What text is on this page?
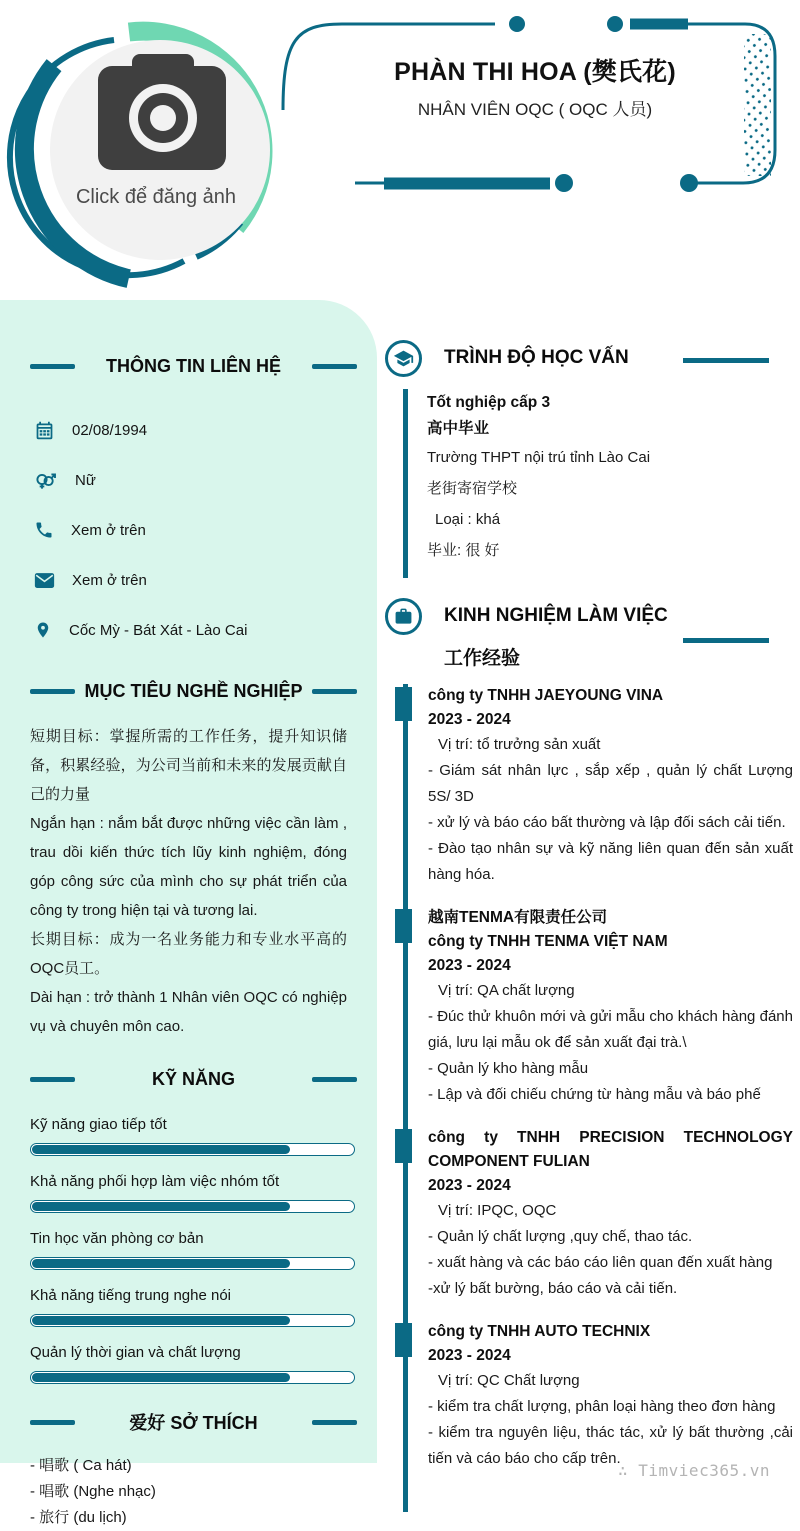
Click để đăng ảnh
PHÀN THI HOA (樊氏花)
NHÂN VIÊN OQC ( OQC 人员)
THÔNG TIN LIÊN HỆ
02/08/1994
Nữ
Xem ở trên
Xem ở trên
Cốc Mỳ - Bát Xát - Lào Cai
MỤC TIÊU NGHỀ NGHIỆP
短期目标：掌握所需的工作任务，提升知识储备，积累经验，为公司当前和未来的发展贡献自己的力量
Ngắn hạn : nắm bắt được những việc cần làm , trau dồi kiến thức tích lũy kinh nghiệm, đóng góp công sức của mình cho sự phát triển của công ty trong hiện tại và tương lai.
长期目标：成为一名业务能力和专业水平高的OQC员工。
Dài hạn : trở thành 1 Nhân viên OQC có nghiệp vụ và chuyên môn cao.
KỸ NĂNG
Kỹ năng giao tiếp tốt
Khả năng phối hợp làm việc nhóm tốt
Tin học văn phòng cơ bản
Khả năng tiếng trung nghe nói
Quản lý thời gian và chất lượng
爱好 SỞ THÍCH
- 唱歌 ( Ca hát)
- 唱歌 (Nghe nhạc)
- 旅行 (du lịch)
TRÌNH ĐỘ HỌC VẤN
Tốt nghiệp cấp 3
高中毕业
Trường THPT nội trú tỉnh Lào Cai
老街寄宿学校
Loại : khá
毕业: 很 好
KINH NGHIỆM LÀM VIỆC
工作经验
công ty TNHH JAEYOUNG VINA
2023 - 2024
Vị trí: tổ trưởng sản xuất
- Giám sát nhân lực , sắp xếp , quản lý chất Lượng 5S/ 3D
- xử lý và báo cáo bất thường và lập đối sách cải tiến.
- Đào tạo nhân sự và kỹ năng liên quan đến sản xuất hàng hóa.
越南TENMA有限责任公司
công ty TNHH TENMA VIỆT NAM
2023 - 2024
Vị trí: QA chất lượng
- Đúc thử khuôn mới và gửi mẫu cho khách hàng đánh giá, lưu lại mẫu ok để sản xuất đại trà.\
- Quản lý kho hàng mẫu
- Lập và đối chiếu chứng từ hàng mẫu và báo phế
công ty TNHH PRECISION TECHNOLOGY COMPONENT FULIAN
2023 - 2024
Vị trí: IPQC, OQC
- Quản lý chất lượng ,quy chế, thao tác.
- xuất hàng và các báo cáo liên quan đến xuất hàng
-xử lý bất bường, báo cáo và cải tiến.
công ty TNHH AUTO TECHNIX
2023 - 2024
Vị trí: QC Chất lượng
- kiểm tra chất lượng, phân loại hàng theo đơn hàng
- kiểm tra nguyên liệu, thác tác, xử lý bất thường ,cải tiến và cáo báo cho cấp trên.
∴ Timviec365.vn
